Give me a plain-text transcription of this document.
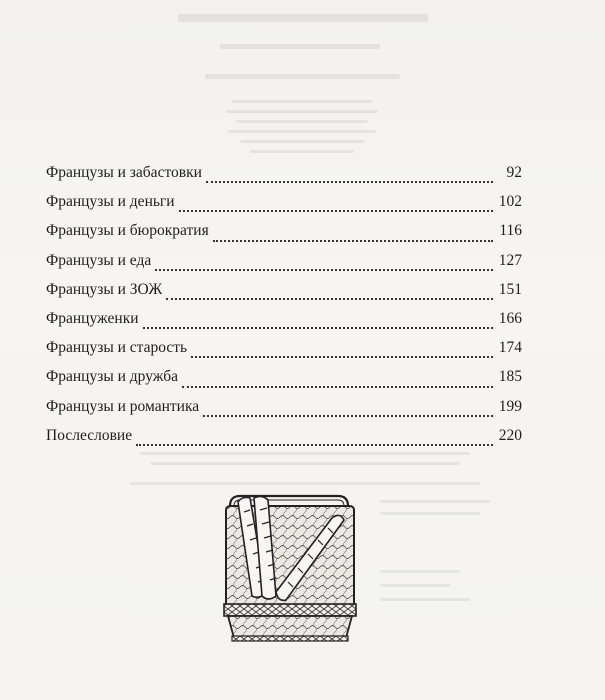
Французы и забастовки	92
Французы и деньги	102
Французы и бюрократия	116
Французы и еда	127
Французы и ЗОЖ	151
Француженки	166
Французы и старость	174
Французы и дружба	185
Французы и романтика	199
Послесловие	220
